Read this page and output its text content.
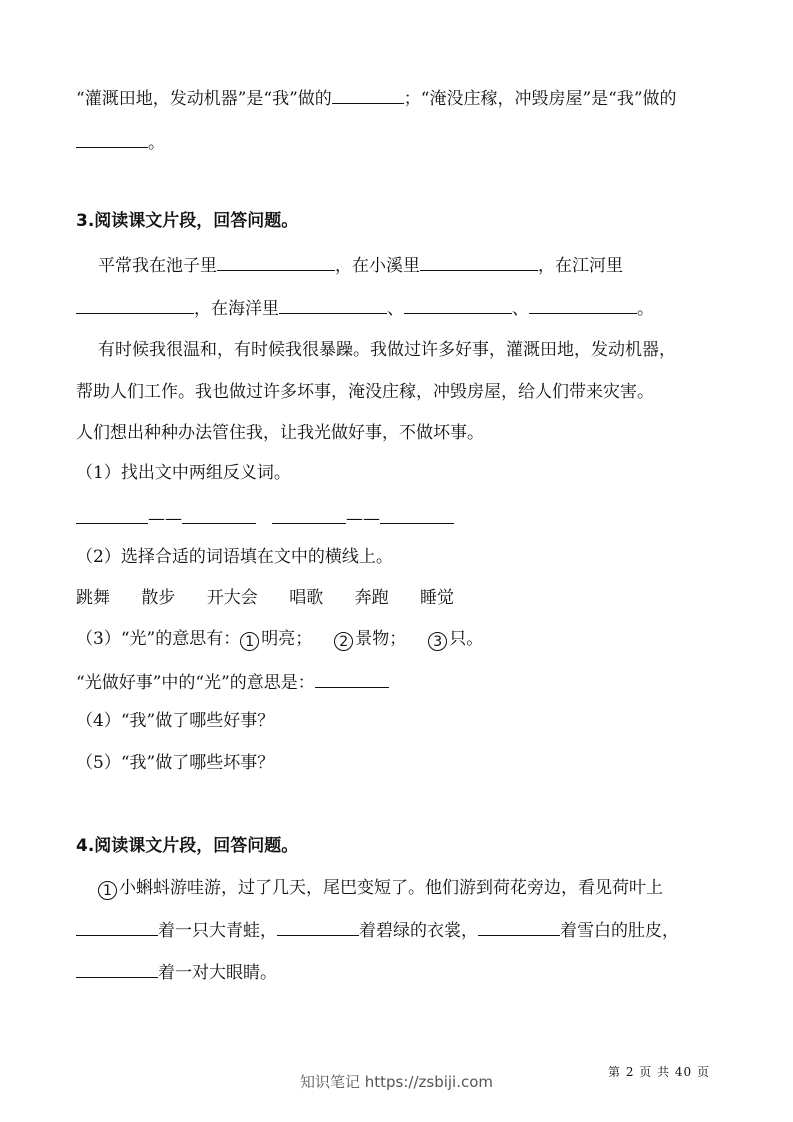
“灌溉田地，发动机器”是“我”做的	；“淹没庄稼，冲毁房屋”是“我”做的
。
3.阅读课文片段，回答问题。
平常我在池子里	，在小溪里	，在江河里
，在海洋里	、	、	。
有时候我很温和，有时候我很暴躁。我做过许多好事，灌溉田地，发动机器，
帮助人们工作。我也做过许多坏事，淹没庄稼，冲毁房屋，给人们带来灾害。
人们想出种种办法管住我，让我光做好事，不做坏事。
（1）找出文中两组反义词。
——	——
（2）选择合适的词语填在文中的横线上。
跳舞 散步 开大会 唱歌 奔跑 睡觉
（3）“光”的意思有： 1 明亮； 2 景物； 3 只。
“光做好事”中的“光”的意思是：
（4）“我”做了哪些好事？
（5）“我”做了哪些坏事？
4.阅读课文片段，回答问题。
1 小蝌蚪游哇游，过了几天，尾巴变短了。他们游到荷花旁边，看见荷叶上
着一只大青蛙，	着碧绿的衣裳，	着雪白的肚皮，
着一对大眼睛。
第 2 页 共 40 页
知识笔记 https://zsbiji.com
